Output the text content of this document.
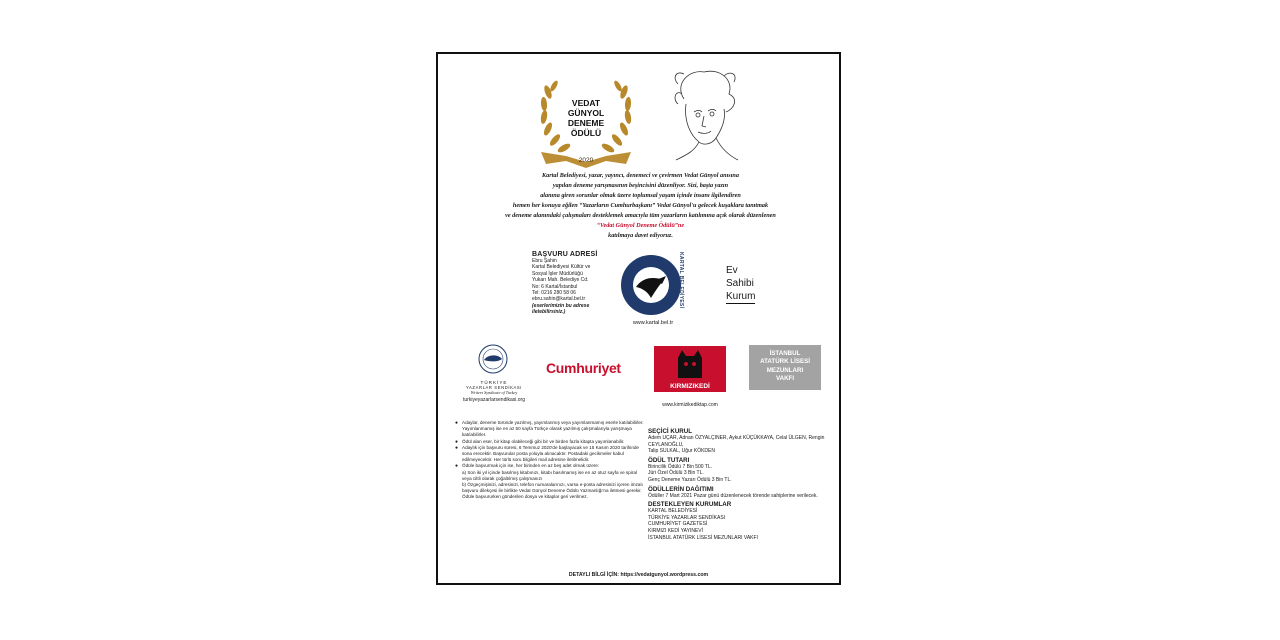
VEDAT GÜNYOL
DENEME ÖDÜLÜ
2020
Kartal Belediyesi, yazar, yayıncı, denemeci ve çevirmen Vedat Günyol anısına
yapılan deneme yarışmasının beşincisini düzenliyor. Sizi, başta yazın
alanına giren sorunlar olmak üzere toplumsal yaşam içinde insanı ilgilendiren
hemen her konuya eğilen “Yazarların Cumhurbaşkanı” Vedat Günyol'u gelecek kuşaklara tanıtmak
ve deneme alanındaki çalışmaları desteklemek amacıyla tüm yazarların katılımına açık olarak düzenlenen
“Vedat Günyol Deneme Ödülü”ne
katılmaya davet ediyoruz.
BAŞVURU ADRESİ
Ebru Şahin
Kartal Belediyesi Kültür ve
Sosyal İşler Müdürlüğü
Yukarı Mah. Belediye Cd.
No: 6 Kartal/İstanbul
Tel: 0216 280 58 06
ebru.sahin@kartal.bel.tr
(eserlerimizin bu adrese iletebilirsiniz.)
KARTAL BELEDİYESİ
www.kartal.bel.tr
Ev
Sahibi
Kurum
TÜRKİYE
YAZARLAR SENDİKASI
Writers Syndicate of Turkey
turkiyeyazarlarsendikasi.org
Cumhuriyet
KIRMIZIKEDİ
www.kirmizikediktap.com
İSTANBUL
ATATÜRK LİSESİ
MEZUNLARI
VAKFI
● Adaylar, deneme türünde yazılmış, yayımlanmış veya yayımlanmamış eserle katılabilirler. Yayımlanmamış ise en az 50 sayfa Türkçe olarak yazılmış çalışmalarıyla yarışmaya katılabilirler.
● Ödül alan eser, bir kitap olabileceği gibi bir ve birden fazla kitapta yayımlanabilir.
● Adaylık için başvuru süresi, 6 Temmuz 2020'de başlayacak ve 15 Kasım 2020 tarihinde sona erecektir. Başvurular posta yoluyla alınacaktır. Postadaki gecikmeler kabul edilmeyecektir. Her türlü soru bilgileri mail adresine iletilmelidir.
● Ödüle başvurmak için ise, her birinden en az beş adet olmak üzere:
a) Son iki yıl içinde basılmış kitabınızı, kitabı basılmamış ise en az otuz sayfa ve spiral veya ciltli olarak çoğaltılmış çalışmanızı
b) Özgeçmişinizi, adresinizi, telefon numaralarınızı, varsa e-posta adresinizi içeren imzalı başvuru dilekçesi ile birlikte Vedat Günyol Deneme Ödülü Yazmanlığı'na iletmesi gerekir. Ödüle başvururken gönderilen dosya ve kitaplar geri verilmez.
SEÇİCİ KURUL
Adem UÇAR, Adnan ÖZYALÇINER, Aykut KÜÇÜKKAYA, Celal ÜLGEN, Rengin CEYLANOĞLU,
Talip SULKAL, Uğur KÖKDEN
ÖDÜL TUTARI
Birincilik Ödülü 7 Bin 500 TL.
Jüri Özel Ödülü 3 Bin TL.
Genç Deneme Yazarı Ödülü 3 Bin TL.
ÖDÜLLERİN DAĞITIMI
Ödüller 7 Mart 2021 Pazar günü düzenlenecek törende sahiplerine verilecek.
DESTEKLEYEN KURUMLAR
KARTAL BELEDİYESİ
TÜRKİYE YAZARLAR SENDİKASI
CUMHURİYET GAZETESİ
KIRMIZI KEDİ YAYINEVİ
İSTANBUL ATATÜRK LİSESİ MEZUNLARI VAKFI
DETAYLI BİLGİ İÇİN: https://vedatgunyol.wordpress.com
